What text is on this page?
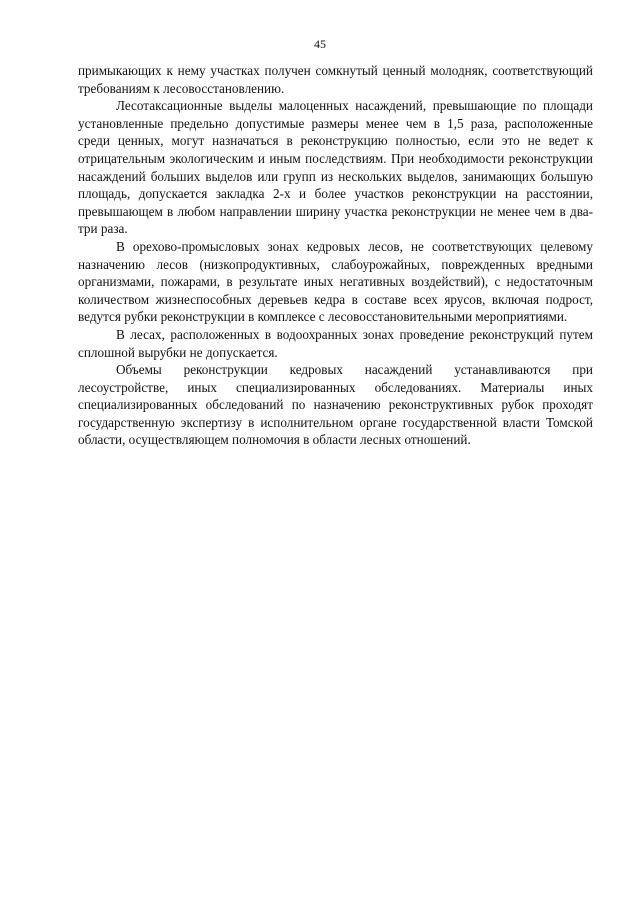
45

примыкающих к нему участках получен сомкнутый ценный молодняк, соответствующий требованиям к лесовосстановлению.

Лесотаксационные выделы малоценных насаждений, превышающие по площади установленные предельно допустимые размеры менее чем в 1,5 раза, расположенные среди ценных, могут назначаться в реконструкцию полностью, если это не ведет к отрицательным экологическим и иным последствиям. При необходимости реконструкции насаждений больших выделов или групп из нескольких выделов, занимающих большую площадь, допускается закладка 2-х и более участков реконструкции на расстоянии, превышающем в любом направлении ширину участка реконструкции не менее чем в два-три раза.

В орехово-промысловых зонах кедровых лесов, не соответствующих целевому назначению лесов (низкопродуктивных, слабоурожайных, поврежденных вредными организмами, пожарами, в результате иных негативных воздействий), с недостаточным количеством жизнеспособных деревьев кедра в составе всех ярусов, включая подрост, ведутся рубки реконструкции в комплексе с лесовосстановительными мероприятиями.

В лесах, расположенных в водоохранных зонах проведение реконструкций путем сплошной вырубки не допускается.

Объемы реконструкции кедровых насаждений устанавливаются при лесоустройстве, иных специализированных обследованиях. Материалы иных специализированных обследований по назначению реконструктивных рубок проходят государственную экспертизу в исполнительном органе государственной власти Томской области, осуществляющем полномочия в области лесных отношений.
